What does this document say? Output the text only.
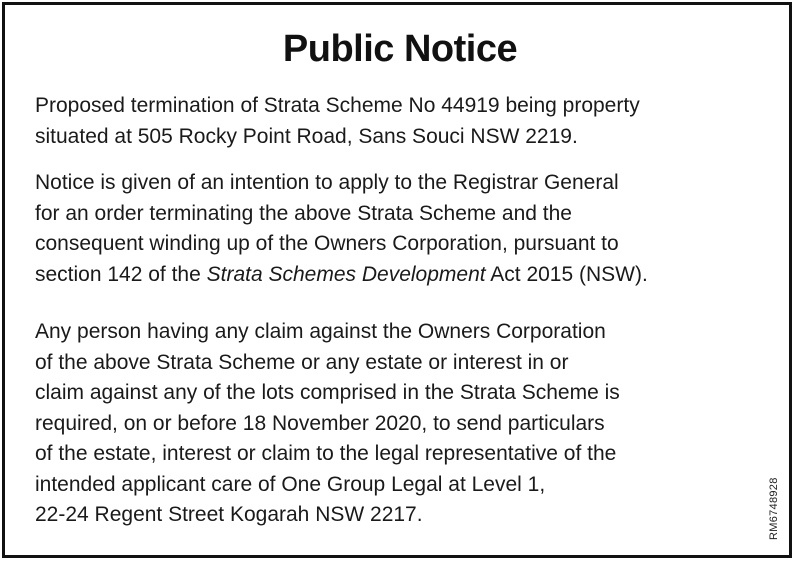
Public Notice
Proposed termination of Strata Scheme No 44919 being property
situated at 505 Rocky Point Road, Sans Souci NSW 2219.
Notice is given of an intention to apply to the Registrar General
for an order terminating the above Strata Scheme and the
consequent winding up of the Owners Corporation, pursuant to
section 142 of the Strata Schemes Development Act 2015 (NSW).
Any person having any claim against the Owners Corporation
of the above Strata Scheme or any estate or interest in or
claim against any of the lots comprised in the Strata Scheme is
required, on or before 18 November 2020, to send particulars
of the estate, interest or claim to the legal representative of the
intended applicant care of One Group Legal at Level 1,
22-24 Regent Street Kogarah NSW 2217.	RM6748928
